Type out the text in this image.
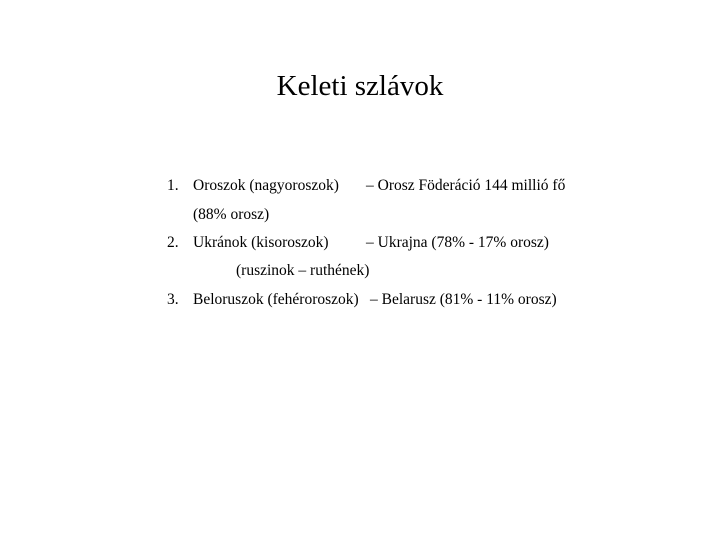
Keleti szlávok
1. Oroszok (nagyoroszok) – Orosz Föderáció 144 millió fő
(88% orosz)
2. Ukránok (kisoroszok) – Ukrajna (78% - 17% orosz)
(ruszinok – ruthének)
3. Beloruszok (fehéroroszok) – Belarusz (81% - 11% orosz)
